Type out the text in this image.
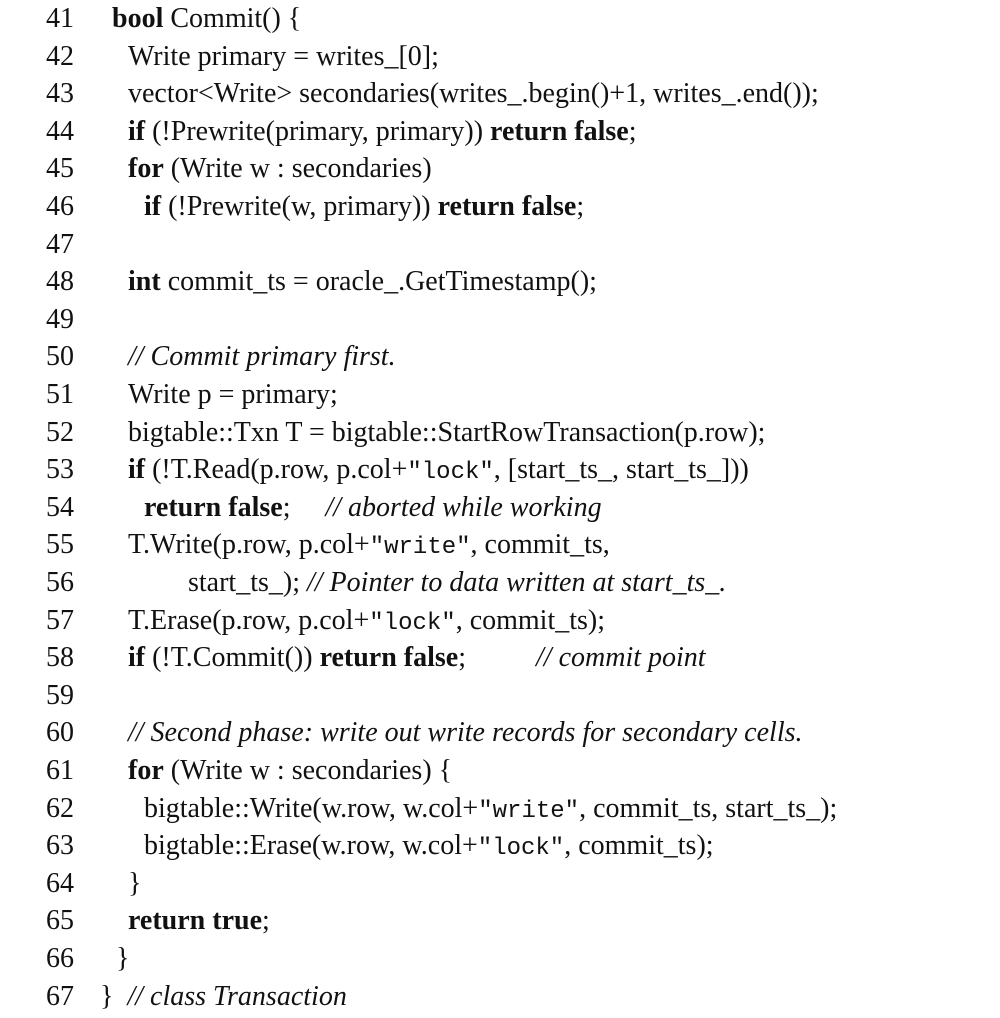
41 bool Commit() {
42 Write primary = writes_[0];
43 vector<Write> secondaries(writes_.begin()+1, writes_.end());
44 if (!Prewrite(primary, primary)) return false;
45 for (Write w : secondaries)
46	if (!Prewrite(w, primary)) return false;
47
48 int commit_ts = oracle_.GetTimestamp();
49
50 // Commit primary first.
51 Write p = primary;
52 bigtable::Txn T = bigtable::StartRowTransaction(p.row);
53 if (!T.Read(p.row, p.col+"lock", [start_ts_, start_ts_]))
54	return false;     // aborted while working
55 T.Write(p.row, p.col+"write", commit_ts,
56	start_ts_); // Pointer to data written at start_ts_.
57 T.Erase(p.row, p.col+"lock", commit_ts);
58 if (!T.Commit()) return false;          // commit point
59
60 // Second phase: write out write records for secondary cells.
61 for (Write w : secondaries) {
62	bigtable::Write(w.row, w.col+"write", commit_ts, start_ts_);
63	bigtable::Erase(w.row, w.col+"lock", commit_ts);
64 }
65 return true;
66 }
67 }  // class Transaction
